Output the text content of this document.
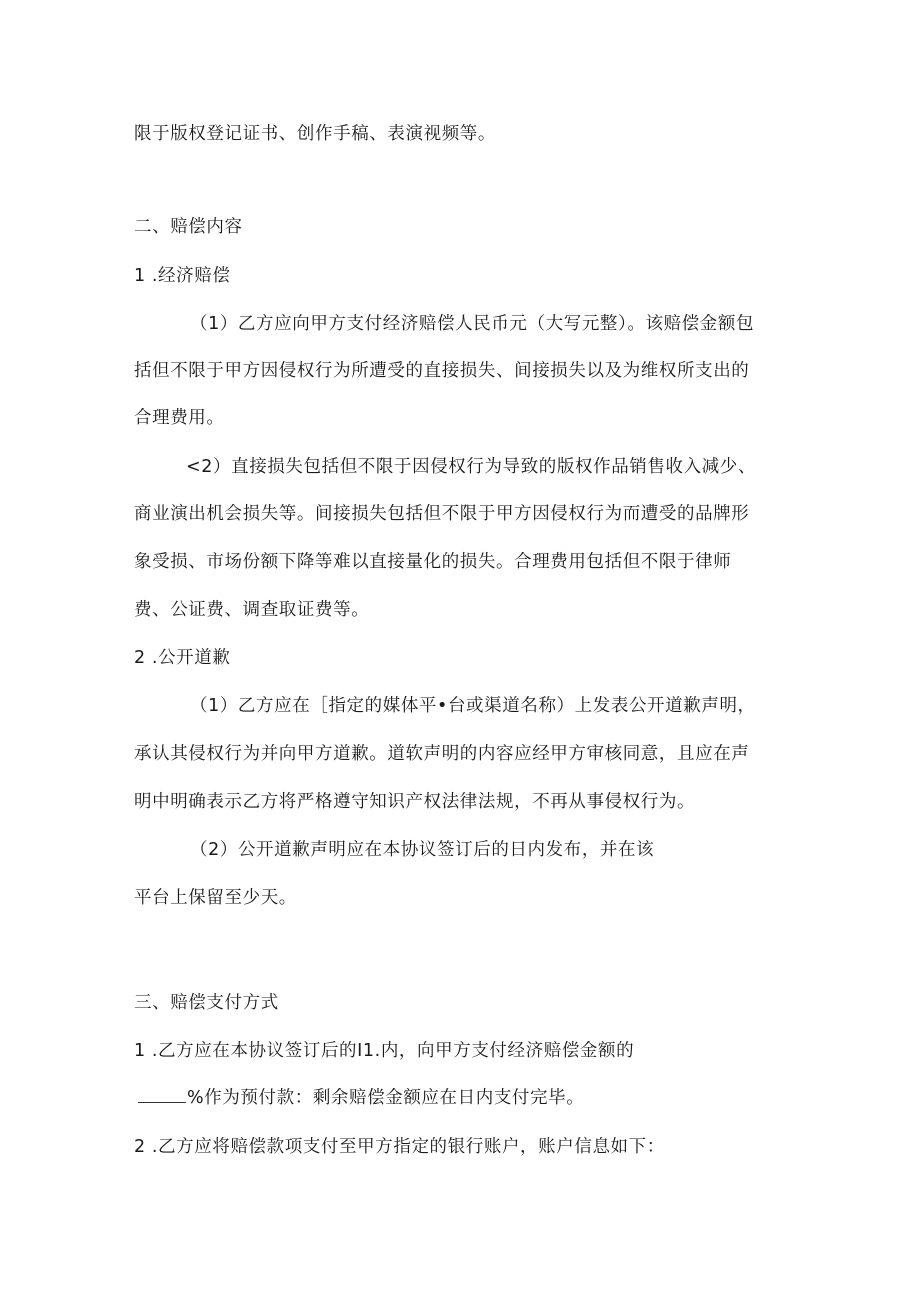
限于版权登记证书、创作手稿、表演视频等。
二、赔偿内容
1 .经济赔偿
（1）乙方应向甲方支付经济赔偿人民币元（大写元整）。该赔偿金额包
括但不限于甲方因侵权行为所遭受的直接损失、间接损失以及为维权所支出的
合理费用。
<2）直接损失包括但不限于因侵权行为导致的版权作品销售收入减少、
商业演出机会损失等。间接损失包括但不限于甲方因侵权行为而遭受的品牌形
象受损、市场份额下降等难以直接量化的损失。合理费用包括但不限于律师
费、公证费、调查取证费等。
2 .公开道歉
（1）乙方应在［指定的媒体平•台或渠道名称）上发表公开道歉声明，
承认其侵权行为并向甲方道歉。道软声明的内容应经甲方审核同意，且应在声
明中明确表示乙方将严格遵守知识产权法律法规，不再从事侵权行为。
（2）公开道歉声明应在本协议签订后的日内发布，并在该
平台上保留至少天。
三、赔偿支付方式
1 .乙方应在本协议签订后的I1.内，向甲方支付经济赔偿金额的
%作为预付款：剩余赔偿金额应在日内支付完毕。
2 .乙方应将赔偿款项支付至甲方指定的银行账户，账户信息如下：
